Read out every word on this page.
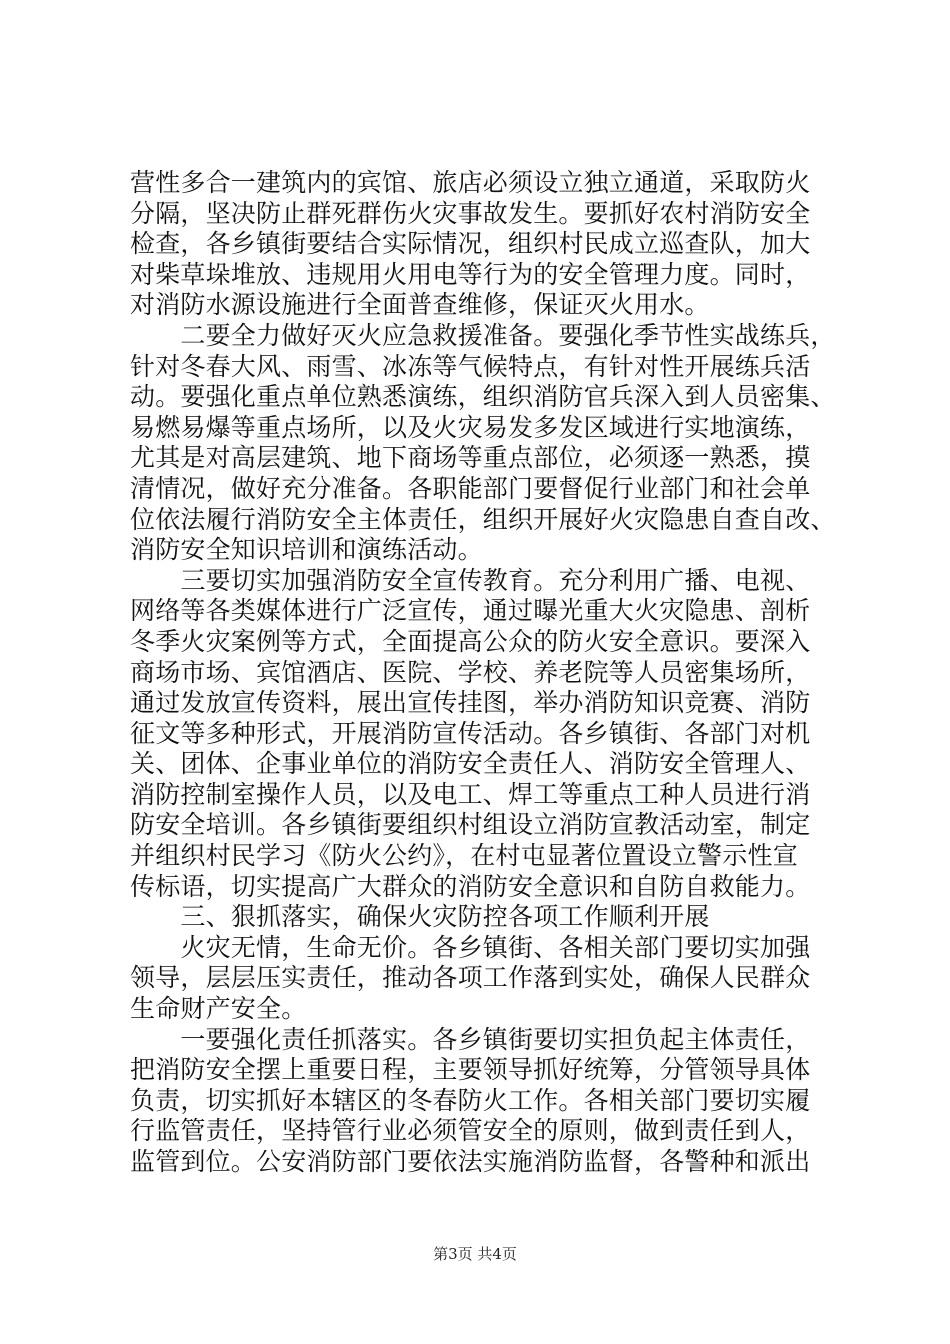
营性多合一建筑内的宾馆、旅店必须设立独立通道，采取防火
分隔，坚决防止群死群伤火灾事故发生。要抓好农村消防安全
检查，各乡镇街要结合实际情况，组织村民成立巡查队，加大
对柴草垛堆放、违规用火用电等行为的安全管理力度。同时，
对消防水源设施进行全面普查维修，保证灭火用水。
　　二要全力做好灭火应急救援准备。要强化季节性实战练兵，
针对冬春大风、雨雪、冰冻等气候特点，有针对性开展练兵活
动。要强化重点单位熟悉演练，组织消防官兵深入到人员密集、
易燃易爆等重点场所，以及火灾易发多发区域进行实地演练，
尤其是对高层建筑、地下商场等重点部位，必须逐一熟悉，摸
清情况，做好充分准备。各职能部门要督促行业部门和社会单
位依法履行消防安全主体责任，组织开展好火灾隐患自查自改、
消防安全知识培训和演练活动。
　　三要切实加强消防安全宣传教育。充分利用广播、电视、
网络等各类媒体进行广泛宣传，通过曝光重大火灾隐患、剖析
冬季火灾案例等方式，全面提高公众的防火安全意识。要深入
商场市场、宾馆酒店、医院、学校、养老院等人员密集场所，
通过发放宣传资料，展出宣传挂图，举办消防知识竞赛、消防
征文等多种形式，开展消防宣传活动。各乡镇街、各部门对机
关、团体、企事业单位的消防安全责任人、消防安全管理人、
消防控制室操作人员，以及电工、焊工等重点工种人员进行消
防安全培训。各乡镇街要组织村组设立消防宣教活动室，制定
并组织村民学习《防火公约》，在村屯显著位置设立警示性宣
传标语，切实提高广大群众的消防安全意识和自防自救能力。
　　三、狠抓落实，确保火灾防控各项工作顺利开展
　　火灾无情，生命无价。各乡镇街、各相关部门要切实加强
领导，层层压实责任，推动各项工作落到实处，确保人民群众
生命财产安全。
　　一要强化责任抓落实。各乡镇街要切实担负起主体责任，
把消防安全摆上重要日程，主要领导抓好统筹，分管领导具体
负责，切实抓好本辖区的冬春防火工作。各相关部门要切实履
行监管责任，坚持管行业必须管安全的原则，做到责任到人，
监管到位。公安消防部门要依法实施消防监督，各警种和派出
第3页 共4页
